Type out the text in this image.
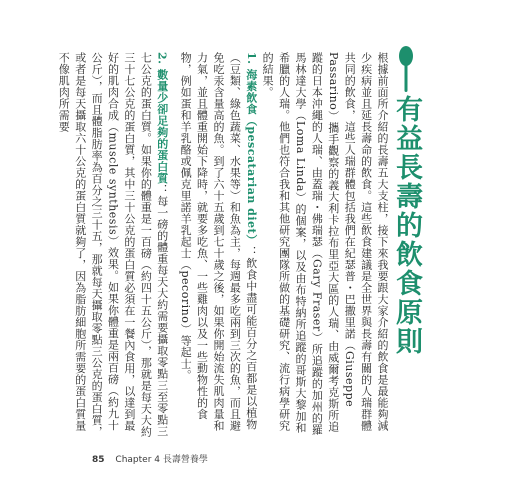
有益長壽的飲食原則

根據前面所介紹的長壽五大支柱，接下來我要跟大家介紹的飲食是最能夠減少疾病並且延長壽命的飲食。這些飲食建議是全世界與長壽有關的人瑞群體共同的飲食，這些人瑞群體包括我們在紀瑟普・巴撒里諾（Giuseppe Passarino）攜手觀察的義大利卡拉布里亞大區的人瑞、由威爾考克斯所追蹤的日本沖繩的人瑞、由蓋瑞・佛瑞瑟（Gary Fraser）所追蹤的加州的羅馬林達大學（Loma Linda）的個案，以及由布特納所追蹤的哥斯大黎加和希臘的人瑞。他們也符合我和其他研究團隊所做的基礎研究、流行病學研究的結果。

1. 海素飲食（pescatarian diet）：飲食中盡可能百分之百都是以植物（豆類、綠色蔬菜、水果等）和魚為主，每週最多吃兩到三次的魚，而且避免吃汞含量高的魚。到了六十五歲到七十歲之後，如果你開始流失肌肉量和力氣，並且體重開始下降時，就要多吃魚、一些雞肉以及一些動物性的食物，例如蛋和羊乳酪或佩克里諾羊乳起士（pecorino）等起士。

2. 數量少卻足夠的蛋白質：每一磅的體重每天大約需要攝取零點三至零點三七公克的蛋白質。如果你的體重是一百磅（約四十五公斤），那就是每天大約三十七公克的蛋白質，其中三十公克的蛋白質必須在一餐內食用，以達到最好的肌肉合成（muscle synthesis）效果。如果你體重是兩百磅（約九十公斤），而且體脂肪率為百分之三十五，那就每天攝取零點三公克的蛋白質，或者是每天攝取六十公克的蛋白質就夠了，因為脂肪細胞所需要的蛋白質量不像肌肉所需要

85 Chapter 4 長壽營養學
